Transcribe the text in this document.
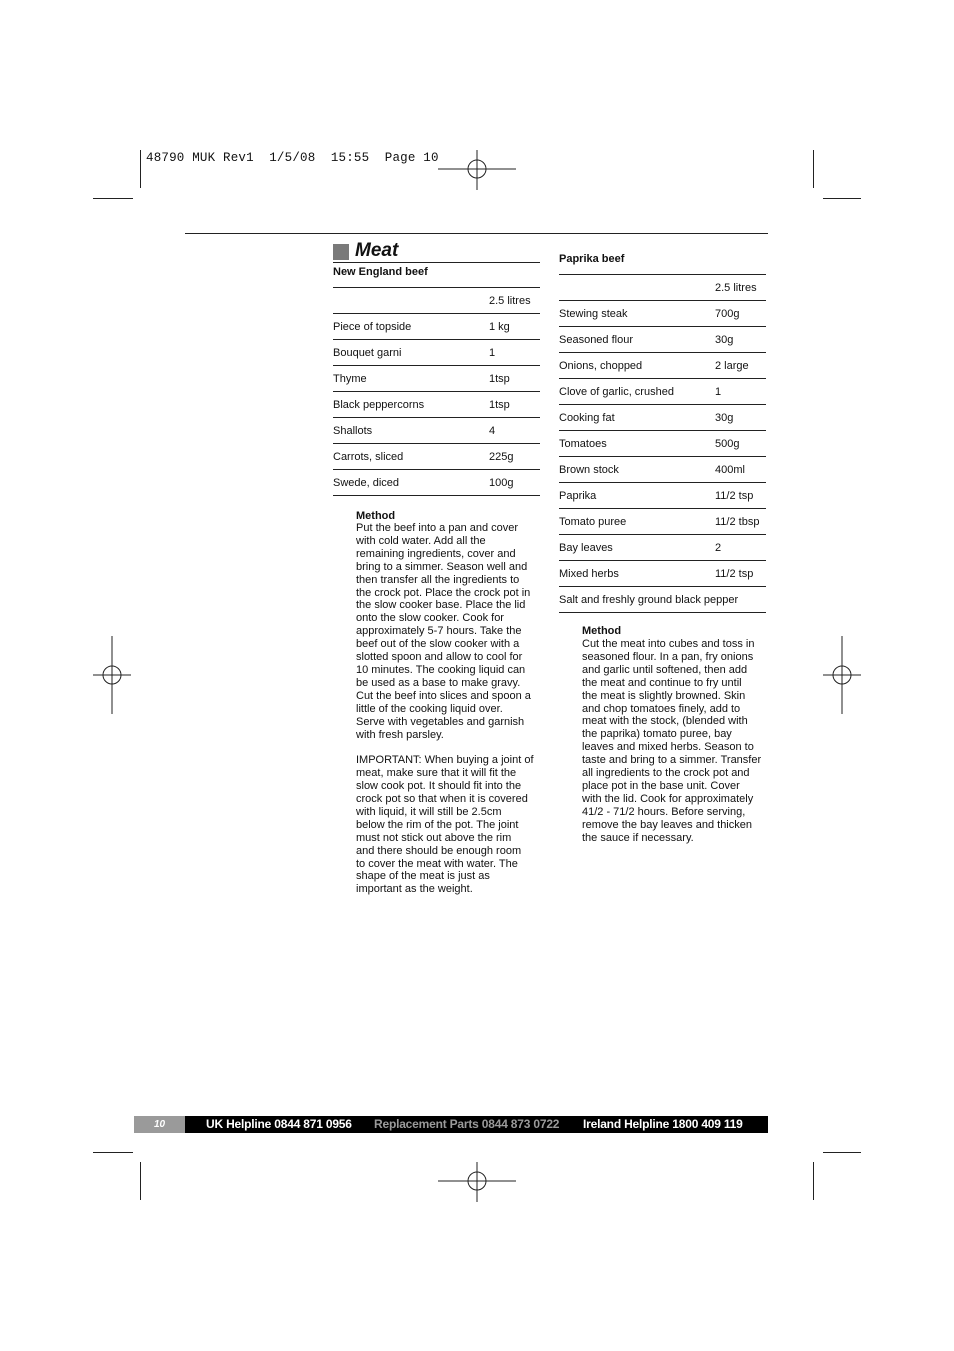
48790 MUK Rev1  1/5/08  15:55  Page 10
Meat
New England beef
	2.5 litres
Piece of topside	1 kg
Bouquet garni	1
Thyme	1tsp
Black peppercorns	1tsp
Shallots	4
Carrots, sliced	225g
Swede, diced	100g
Method

Put the beef into a pan and cover
with cold water. Add all the
remaining ingredients, cover and
bring to a simmer. Season well and
then transfer all the ingredients to
the crock pot. Place the crock pot in
the slow cooker base. Place the lid
onto the slow cooker. Cook for
approximately 5-7 hours. Take the
beef out of the slow cooker with a
slotted spoon and allow to cool for
10 minutes. The cooking liquid can
be used as a base to make gravy.
Cut the beef into slices and spoon a
little of the cooking liquid over.
Serve with vegetables and garnish
with fresh parsley.

IMPORTANT: When buying a joint of
meat, make sure that it will fit the
slow cook pot. It should fit into the
crock pot so that when it is covered
with liquid, it will still be 2.5cm
below the rim of the pot. The joint
must not stick out above the rim
and there should be enough room
to cover the meat with water. The
shape of the meat is just as
important as the weight.

Paprika beef
	2.5 litres
Stewing steak	700g
Seasoned flour	30g
Onions, chopped	2 large
Clove of garlic, crushed	1
Cooking fat	30g
Tomatoes	500g
Brown stock	400ml
Paprika	11/2 tsp
Tomato puree	11/2 tbsp
Bay leaves	2
Mixed herbs	11/2 tsp
Salt and freshly ground black pepper	
Method

Cut the meat into cubes and toss in
seasoned flour. In a pan, fry onions
and garlic until softened, then add
the meat and continue to fry until
the meat is slightly browned. Skin
and chop tomatoes finely, add to
meat with the stock, (blended with
the paprika) tomato puree, bay
leaves and mixed herbs. Season to
taste and bring to a simmer. Transfer
all ingredients to the crock pot and
place pot in the base unit. Cover
with the lid. Cook for approximately
41/2 - 71/2 hours. Before serving,
remove the bay leaves and thicken
the sauce if necessary.

10	UK Helpline 0844 871 0956 Replacement Parts 0844 873 0722 Ireland Helpline 1800 409 119
